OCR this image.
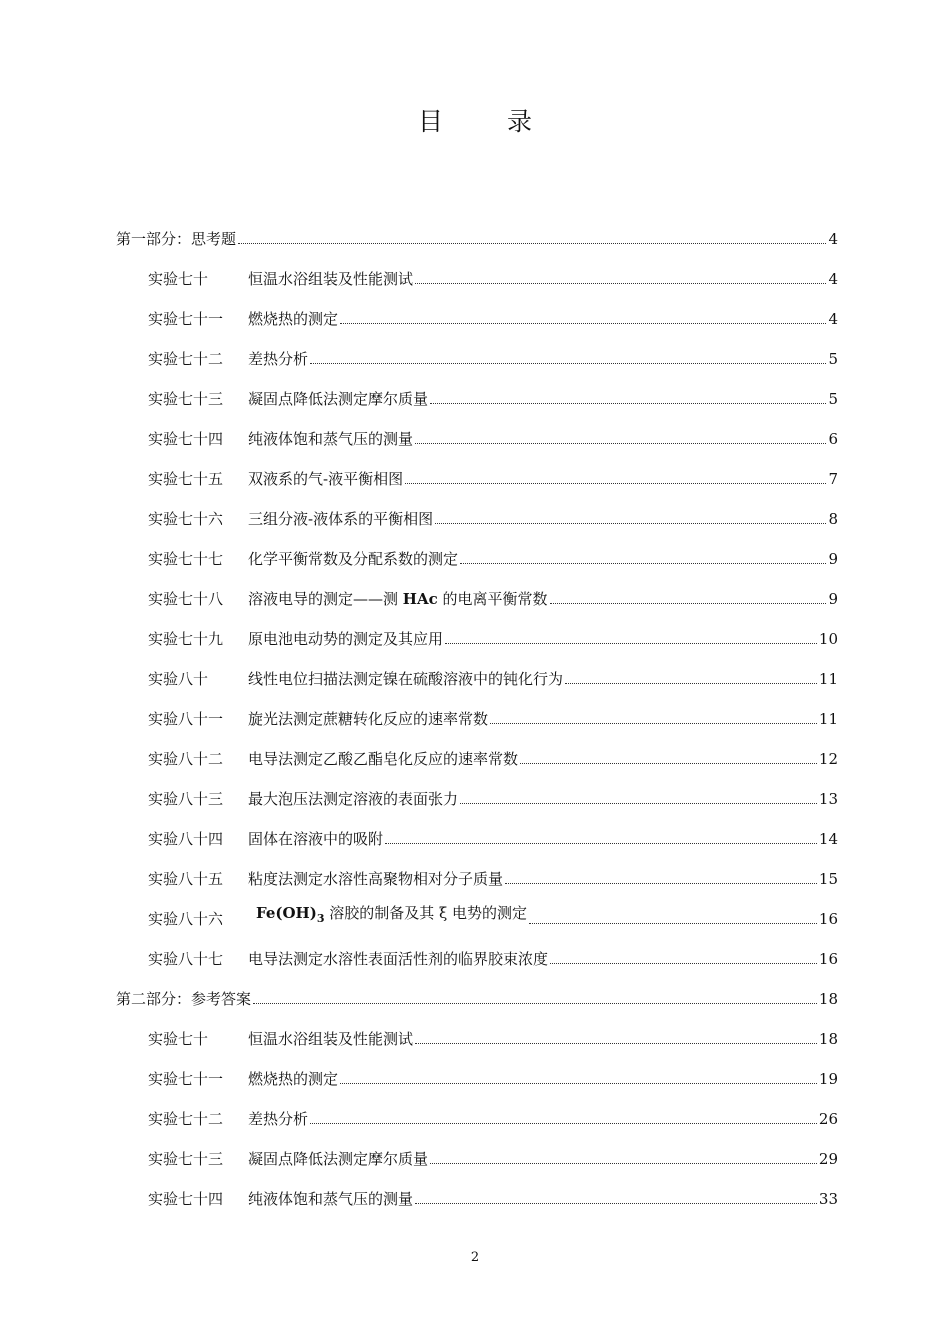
目 录
第一部分：思考题	4
实验七十	恒温水浴组装及性能测试	4
实验七十一	燃烧热的测定	4
实验七十二	差热分析	5
实验七十三	凝固点降低法测定摩尔质量	5
实验七十四	纯液体饱和蒸气压的测量	6
实验七十五	双液系的气-液平衡相图	7
实验七十六	三组分液-液体系的平衡相图	8
实验七十七	化学平衡常数及分配系数的测定	9
实验七十八	溶液电导的测定——测 HAc 的电离平衡常数	9
实验七十九	原电池电动势的测定及其应用	10
实验八十	线性电位扫描法测定镍在硫酸溶液中的钝化行为	11
实验八十一	旋光法测定蔗糖转化反应的速率常数	11
实验八十二	电导法测定乙酸乙酯皂化反应的速率常数	12
实验八十三	最大泡压法测定溶液的表面张力	13
实验八十四	固体在溶液中的吸附	14
实验八十五	粘度法测定水溶性高聚物相对分子质量	15
实验八十六	$Fe(OH)_3$ 溶胶的制备及其 ξ 电势的测定	16
实验八十七	电导法测定水溶性表面活性剂的临界胶束浓度	16
第二部分：参考答案	18
实验七十	恒温水浴组装及性能测试	18
实验七十一	燃烧热的测定	19
实验七十二	差热分析	26
实验七十三	凝固点降低法测定摩尔质量	29
实验七十四	纯液体饱和蒸气压的测量	33
2
